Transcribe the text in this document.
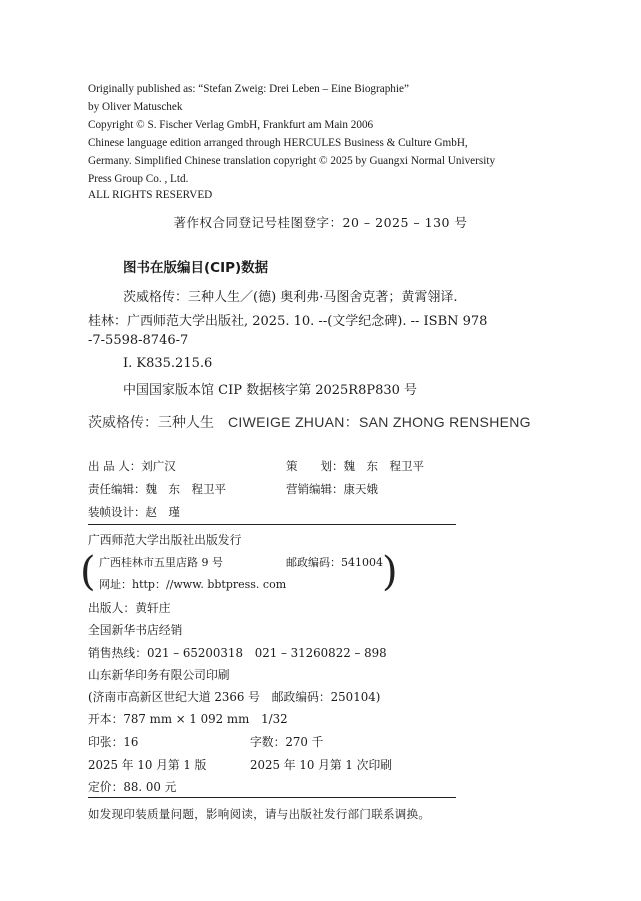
Originally published as: “Stefan Zweig: Drei Leben – Eine Biographie”
by Oliver Matuschek
Copyright © S. Fischer Verlag GmbH, Frankfurt am Main 2006
Chinese language edition arranged through HERCULES Business & Culture GmbH,
Germany. Simplified Chinese translation copyright © 2025 by Guangxi Normal University
Press Group Co. , Ltd.
ALL RIGHTS RESERVED
著作权合同登记号桂图登字：20 – 2025 – 130 号
图书在版编目(CIP)数据
茨威格传：三种人生／(德) 奥利弗·马图舍克著；黄霄翎译.
桂林：广西师范大学出版社, 2025. 10. --(文学纪念碑). -- ISBN 978
-7-5598-8746-7
Ⅰ. K835.215.6
中国国家版本馆 CIP 数据核字第 2025R8P830 号
茨威格传：三种人生 CIWEIGE ZHUAN：SAN ZHONG RENSHENG
出 品 人：刘广汉	策　　划：魏　东　程卫平
责任编辑：魏　东　程卫平	营销编辑：康天娥
装帧设计：赵　瑾
广西师范大学出版社出版发行
( 广西桂林市五里店路 9 号	邮政编码：541004
网址：http：//www. bbtpress. com )
出版人：黄轩庄
全国新华书店经销
销售热线：021 – 65200318　021 – 31260822 – 898
山东新华印务有限公司印刷
(济南市高新区世纪大道 2366 号　邮政编码：250104)
开本：787 mm × 1 092 mm　1/32
印张：16	字数：270 千
2025 年 10 月第 1 版	2025 年 10 月第 1 次印刷
定价：88. 00 元
如发现印装质量问题，影响阅读，请与出版社发行部门联系调换。
